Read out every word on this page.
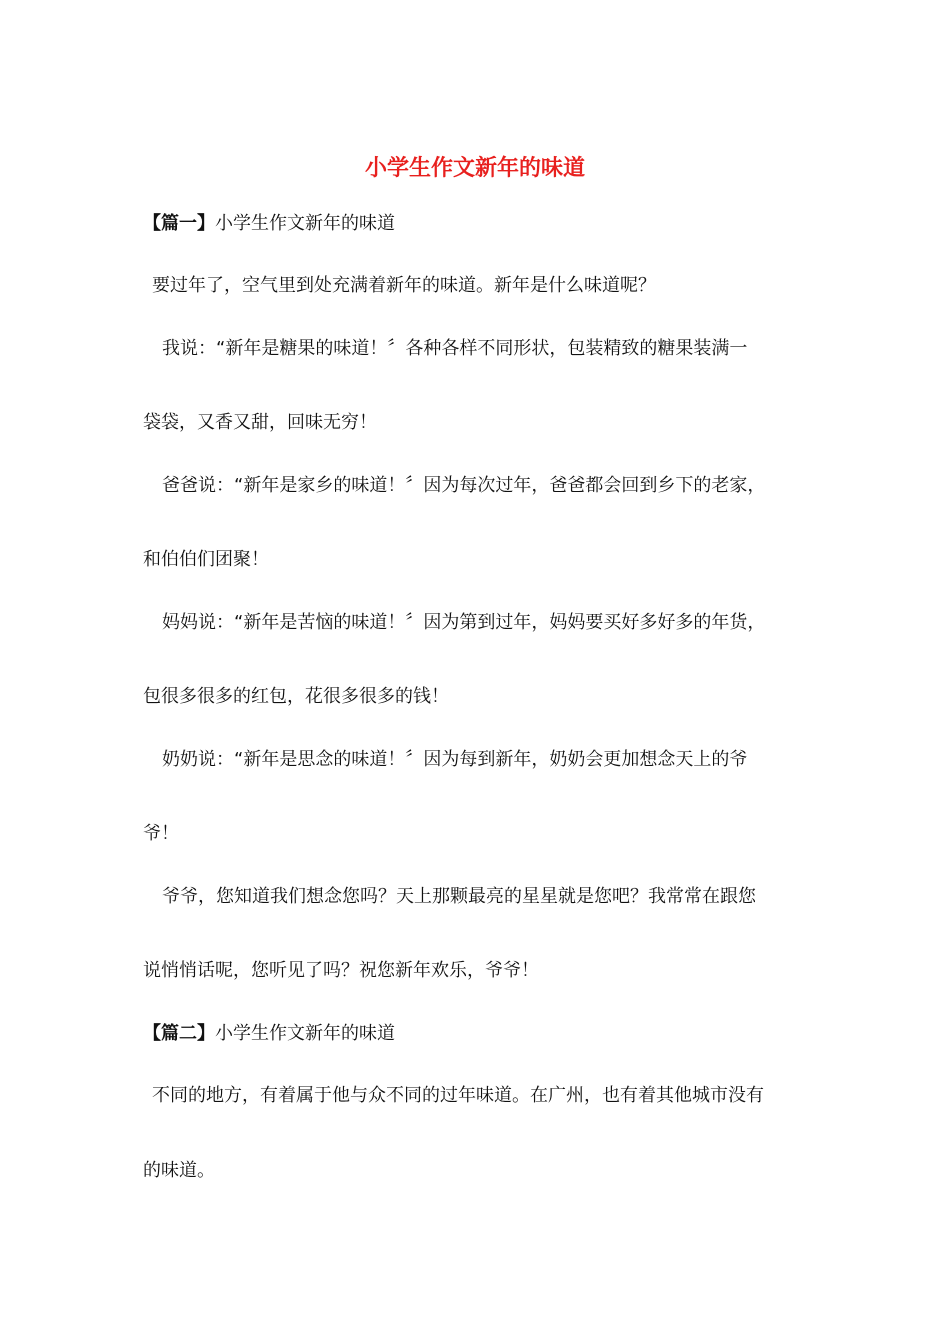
小学生作文新年的味道
【篇一】小学生作文新年的味道
要过年了，空气里到处充满着新年的味道。新年是什么味道呢？
我说：“新年是糖果的味道！〞各种各样不同形状，包装精致的糖果装满一
袋袋，又香又甜，回味无穷！
爸爸说：“新年是家乡的味道！〞因为每次过年，爸爸都会回到乡下的老家，
和伯伯们团聚！
妈妈说：“新年是苦恼的味道！〞因为第到过年，妈妈要买好多好多的年货，
包很多很多的红包，花很多很多的钱！
奶奶说：“新年是思念的味道！〞因为每到新年，奶奶会更加想念天上的爷
爷！
爷爷，您知道我们想念您吗？天上那颗最亮的星星就是您吧？我常常在跟您
说悄悄话呢，您听见了吗？祝您新年欢乐，爷爷！
【篇二】小学生作文新年的味道
不同的地方，有着属于他与众不同的过年味道。在广州，也有着其他城市没有
的味道。
